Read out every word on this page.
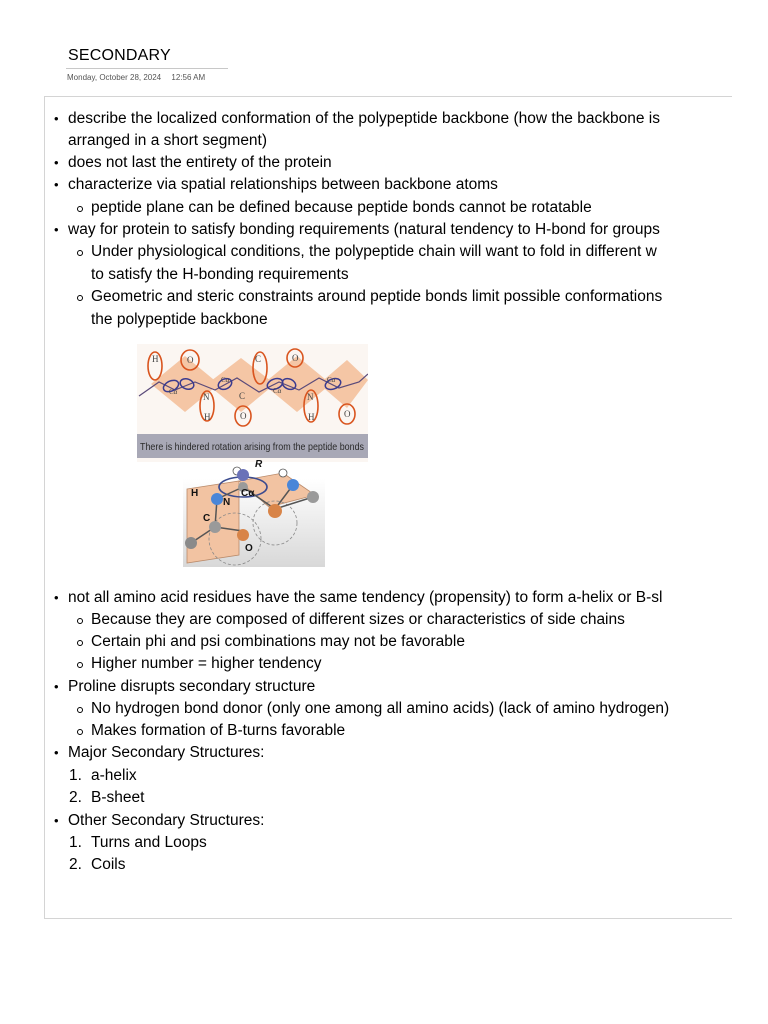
SECONDARY
Monday, October 28, 2024 12:56 AM
• describe the localized conformation of the polypeptide backbone (how the backbone is
arranged in a short segment)
• does not last the entirety of the protein
• characterize via spatial relationships between backbone atoms
peptide plane can be defined because peptide bonds cannot be rotatable
• way for protein to satisfy bonding requirements (natural tendency to H-bond for groups
Under physiological conditions, the polypeptide chain will want to fold in different w
to satisfy the H-bonding requirements
Geometric and steric constraints around peptide bonds limit possible conformations
the polypeptide backbone
H	O
N	C
H	O
N
H	O
Cα
Cα
Cα
Cα
C	O
There is hindered rotation arising from the peptide bonds
R
H
N
Cα
C
O
• not all amino acid residues have the same tendency (propensity) to form a-helix or B-sl
Because they are composed of different sizes or characteristics of side chains
Certain phi and psi combinations may not be favorable
Higher number = higher tendency
• Proline disrupts secondary structure
No hydrogen bond donor (only one among all amino acids) (lack of amino hydrogen)
Makes formation of B-turns favorable
• Major Secondary Structures:
1. a-helix
2. B-sheet
• Other Secondary Structures:
1. Turns and Loops
2. Coils
